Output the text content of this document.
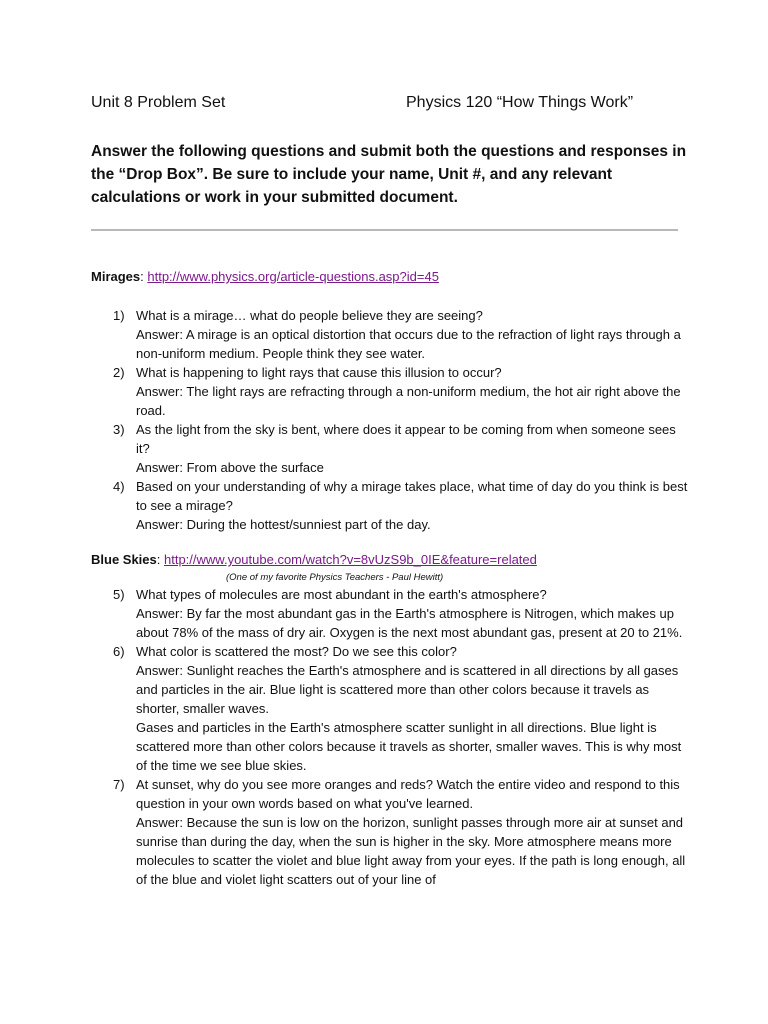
Unit 8 Problem Set	Physics 120 “How Things Work”
Answer the following questions and submit both the questions and responses in the “Drop Box”. Be sure to include your name, Unit #, and any relevant calculations or work in your submitted document.
Mirages: http://www.physics.org/article-questions.asp?id=45
1) What is a mirage… what do people believe they are seeing?

Answer: A mirage is an optical distortion that occurs due to the refraction of light rays through a non-uniform medium. People think they see water.

2) What is happening to light rays that cause this illusion to occur?

Answer: The light rays are refracting through a non-uniform medium, the hot air right above the road.

3) As the light from the sky is bent, where does it appear to be coming from when someone sees it?

Answer: From above the surface

4) Based on your understanding of why a mirage takes place, what time of day do you think is best to see a mirage?

Answer: During the hottest/sunniest part of the day.

Blue Skies: http://www.youtube.com/watch?v=8vUzS9b_0IE&feature=related
(One of my favorite Physics Teachers - Paul Hewitt)
5) What types of molecules are most abundant in the earth's atmosphere?

Answer: By far the most abundant gas in the Earth's atmosphere is Nitrogen, which makes up about 78% of the mass of dry air. Oxygen is the next most abundant gas, present at 20 to 21%.

6) What color is scattered the most? Do we see this color?

Answer: Sunlight reaches the Earth's atmosphere and is scattered in all directions by all gases and particles in the air. Blue light is scattered more than other colors because it travels as shorter, smaller waves.

Gases and particles in the Earth's atmosphere scatter sunlight in all directions. Blue light is scattered more than other colors because it travels as shorter, smaller waves. This is why most of the time we see blue skies.

7) At sunset, why do you see more oranges and reds? Watch the entire video and respond to this question in your own words based on what you've learned.

Answer: Because the sun is low on the horizon, sunlight passes through more air at sunset and sunrise than during the day, when the sun is higher in the sky. More atmosphere means more molecules to scatter the violet and blue light away from your eyes. If the path is long enough, all of the blue and violet light scatters out of your line of
